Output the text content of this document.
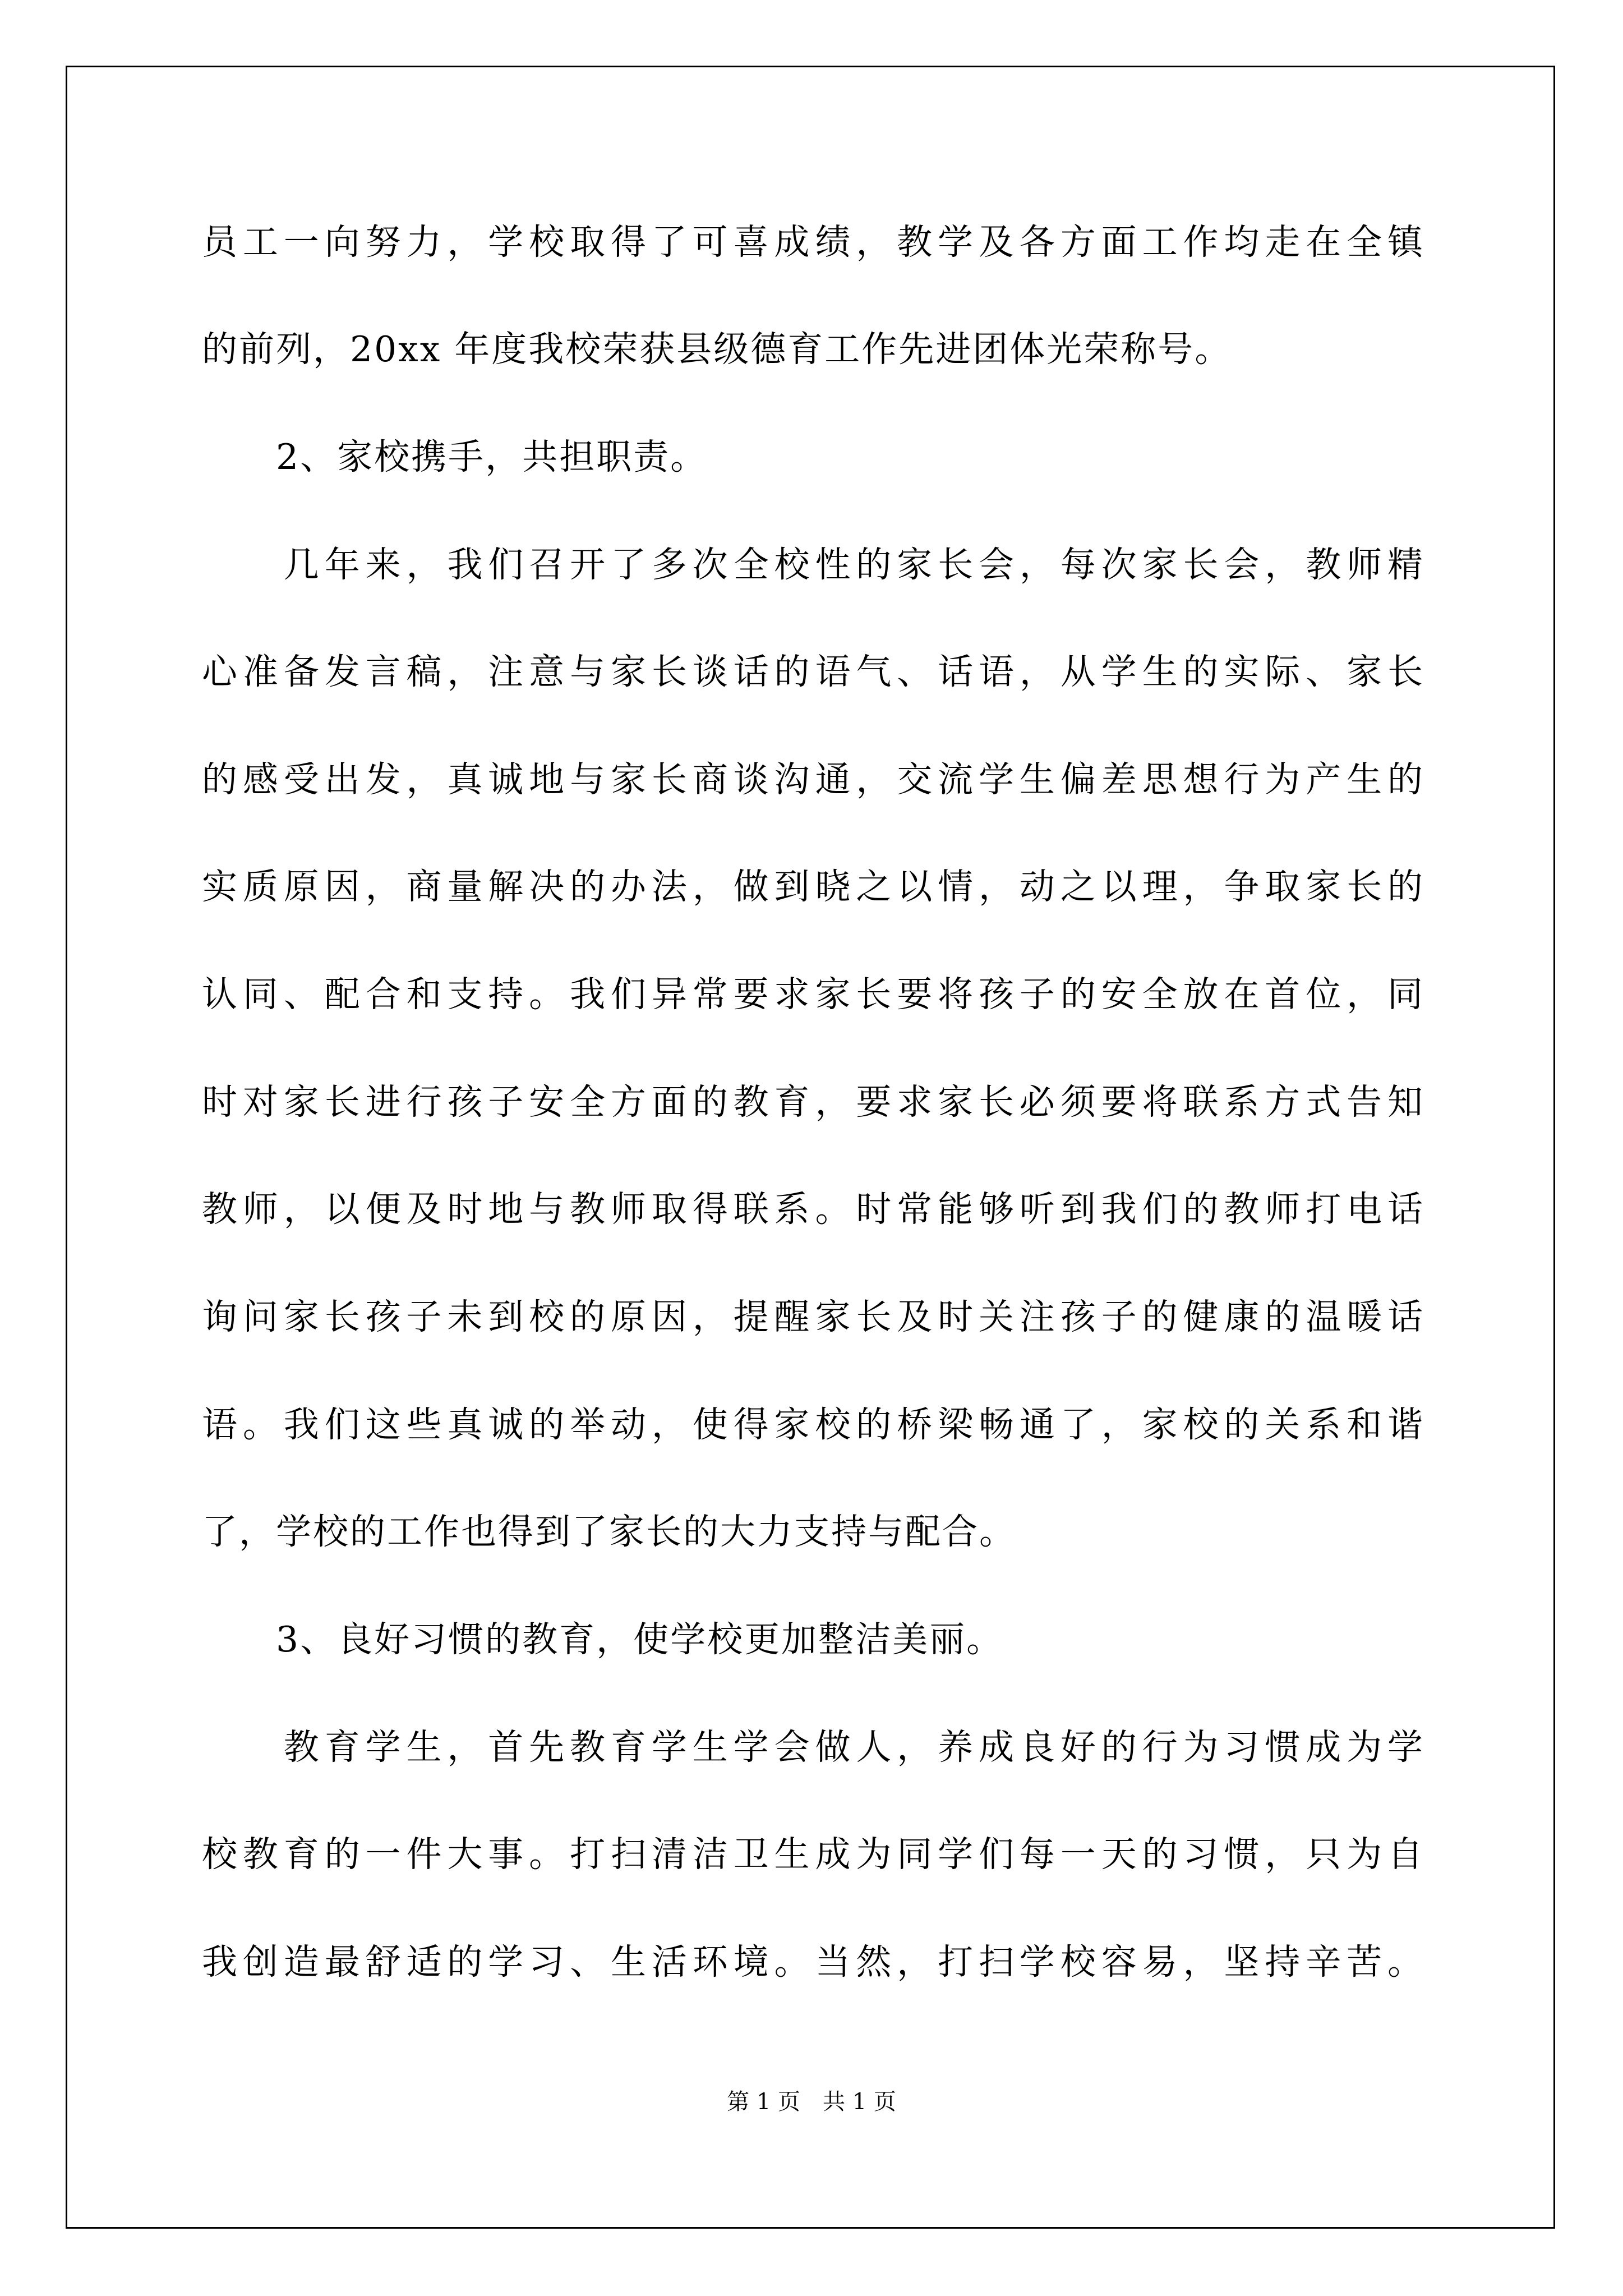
员工一向努力，学校取得了可喜成绩，教学及各方面工作均走在全镇
的前列，20xx 年度我校荣获县级德育工作先进团体光荣称号。
　　2、家校携手，共担职责。
　　几年来，我们召开了多次全校性的家长会，每次家长会，教师精
心准备发言稿，注意与家长谈话的语气、话语，从学生的实际、家长
的感受出发，真诚地与家长商谈沟通，交流学生偏差思想行为产生的
实质原因，商量解决的办法，做到晓之以情，动之以理，争取家长的
认同、配合和支持。我们异常要求家长要将孩子的安全放在首位，同
时对家长进行孩子安全方面的教育，要求家长必须要将联系方式告知
教师，以便及时地与教师取得联系。时常能够听到我们的教师打电话
询问家长孩子未到校的原因，提醒家长及时关注孩子的健康的温暖话
语。我们这些真诚的举动，使得家校的桥梁畅通了，家校的关系和谐
了，学校的工作也得到了家长的大力支持与配合。
　　3、良好习惯的教育，使学校更加整洁美丽。
　　教育学生，首先教育学生学会做人，养成良好的行为习惯成为学
校教育的一件大事。打扫清洁卫生成为同学们每一天的习惯，只为自
我创造最舒适的学习、生活环境。当然，打扫学校容易，坚持辛苦。
第 1 页 共 1 页
